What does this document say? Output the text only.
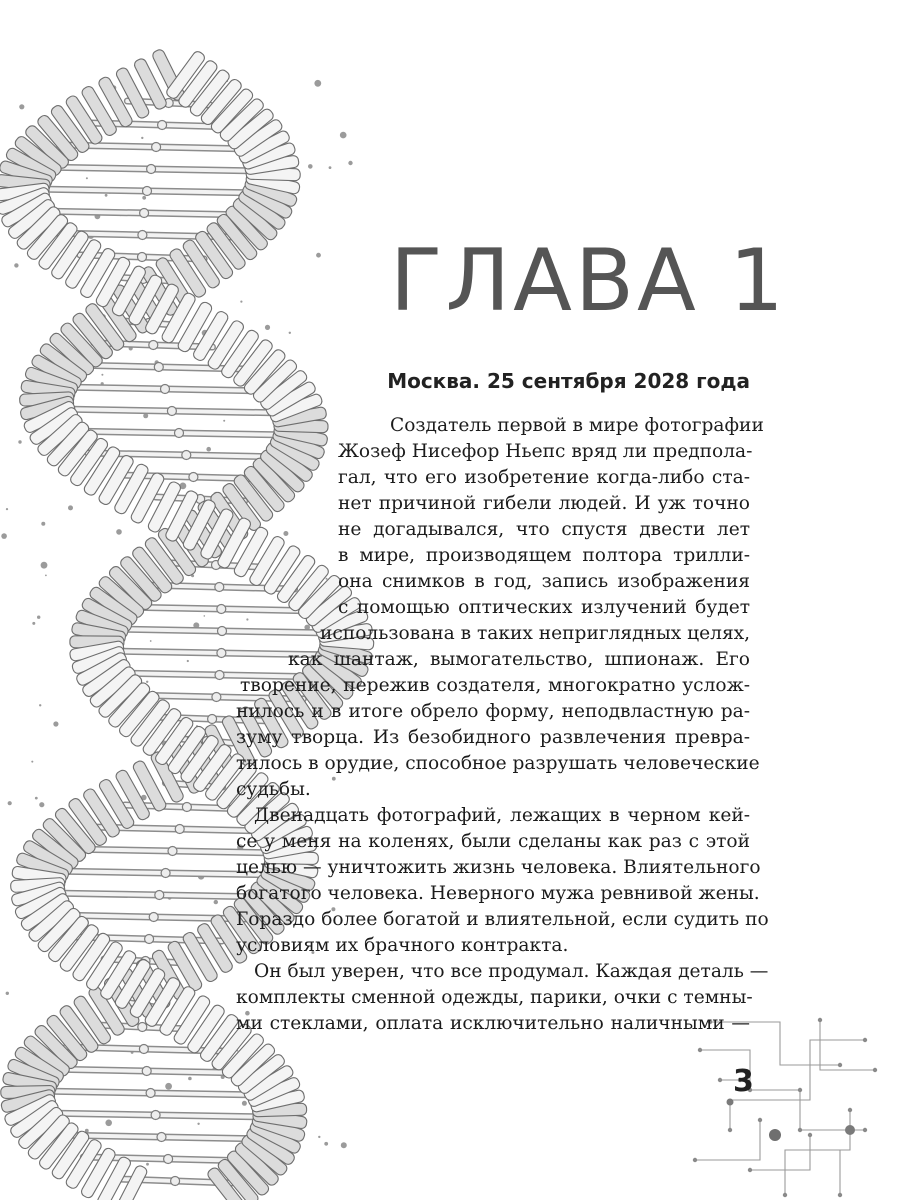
ГЛАВА 1
Москва. 25 сентября 2028 года
Создатель первой в мире фотографии
Жозеф Нисефор Ньепс вряд ли предпола-
гал, что его изобретение когда-либо ста-
нет причиной гибели людей. И уж точно
не догадывался, что спустя двести лет
в мире, производящем полтора трилли-
она снимков в год, запись изображения
с помощью оптических излучений будет
использована в таких неприглядных целях,
как шантаж, вымогательство, шпионаж. Его
творение, пережив создателя, многократно услож-
нилось и в итоге обрело форму, неподвластную ра-
зуму творца. Из безобидного развлечения превра-
тилось в орудие, способное разрушать человеческие
судьбы.
Двенадцать фотографий, лежащих в черном кей-
се у меня на коленях, были сделаны как раз с этой
целью — уничтожить жизнь человека. Влиятельного
богатого человека. Неверного мужа ревнивой жены.
Гораздо более богатой и влиятельной, если судить по
условиям их брачного контракта.
Он был уверен, что все продумал. Каждая деталь —
комплекты сменной одежды, парики, очки с темны-
ми стеклами, оплата исключительно наличными —
3
